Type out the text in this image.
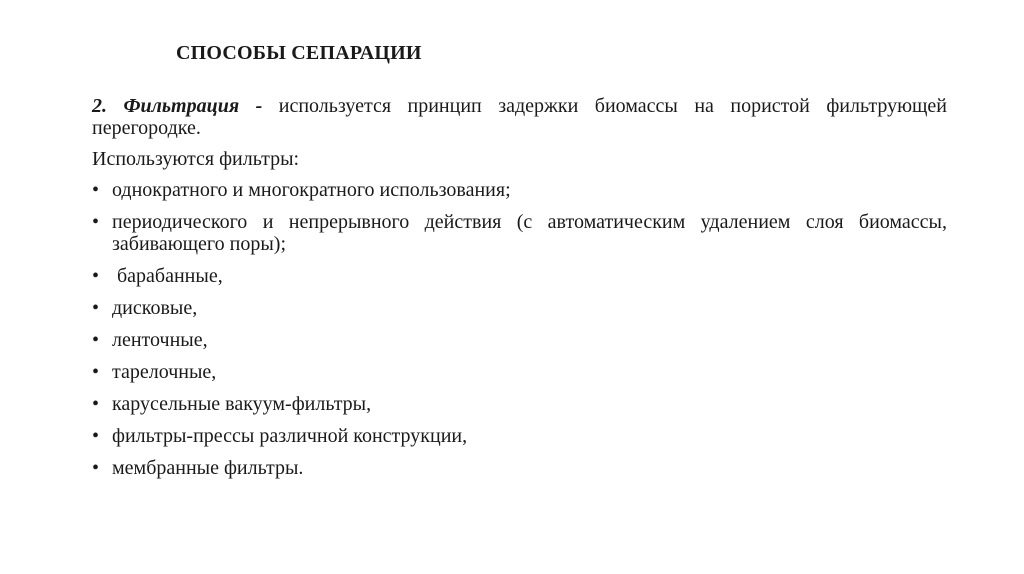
СПОСОБЫ СЕПАРАЦИИ

2. Фильтрация - используется принцип задержки биомассы на пористой фильтрующей перегородке.

Используются фильтры:
• однократного и многократного использования;
• периодического и непрерывного действия (с автоматическим удалением слоя биомассы, забивающего поры);
• барабанные,
• дисковые,
• ленточные,
• тарелочные,
• карусельные вакуум-фильтры,
• фильтры-прессы различной конструкции,
• мембранные фильтры.
